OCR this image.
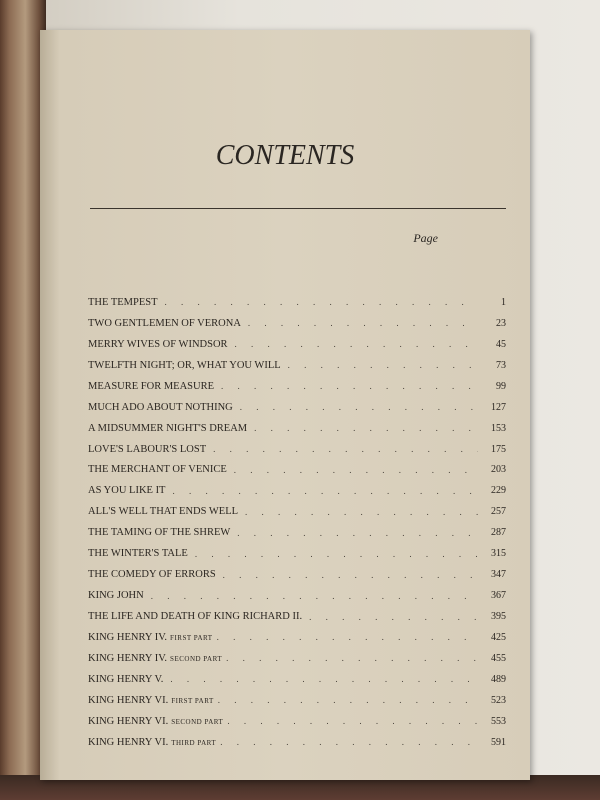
CONTENTS
Page
THE TEMPEST . . .	1
TWO GENTLEMEN OF VERONA . . .	23
MERRY WIVES OF WINDSOR . . .	45
TWELFTH NIGHT; OR, WHAT YOU WILL . . .	73
MEASURE FOR MEASURE . . .	99
MUCH ADO ABOUT NOTHING . . .	127
A MIDSUMMER NIGHT'S DREAM . . .	153
LOVE'S LABOUR'S LOST . . .	175
THE MERCHANT OF VENICE . . .	203
AS YOU LIKE IT . . .	229
ALL'S WELL THAT ENDS WELL . . .	257
THE TAMING OF THE SHREW . . .	287
THE WINTER'S TALE . . .	315
THE COMEDY OF ERRORS . . .	347
KING JOHN . . .	367
THE LIFE AND DEATH OF KING RICHARD II. . . .	395
KING HENRY IV. FIRST PART . . .	425
KING HENRY IV. SECOND PART . . .	455
KING HENRY V. . . .	489
KING HENRY VI. FIRST PART . . .	523
KING HENRY VI. SECOND PART . . .	553
KING HENRY VI. THIRD PART . . .	591
